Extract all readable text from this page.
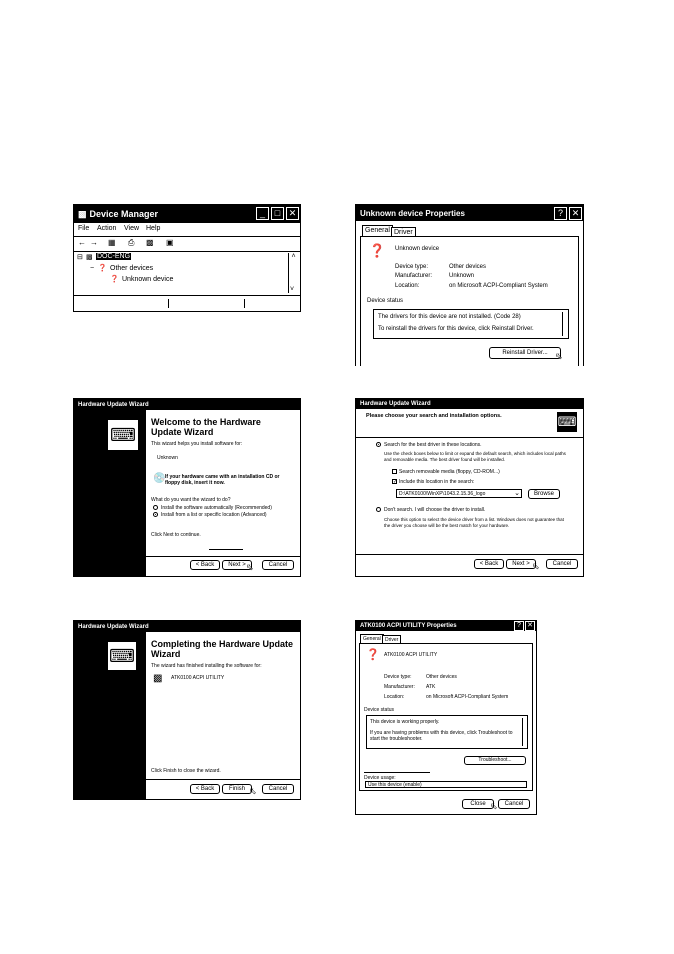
▩ Device Manager	_	□ ✕
File Action View Help
← → ▦ ⎙ ▩ ▣
⊟ ▩ DOC-ENG
− ❓ Other devices
❓ Unknown device
˄
˅
Unknown device Properties	? ✕
General Driver
❓ Unknown device
Device type:	Other devices
Manufacturer:	Unknown
Location:	on Microsoft ACPI-Compliant System
Device status
The drivers for this device are not installed. (Code 28)
To reinstall the drivers for this device, click Reinstall Driver.
Reinstall Driver... ⬁
Hardware Update Wizard
⌨
Welcome to the Hardware Update Wizard
This wizard helps you install software for:
Unknown
💿 If your hardware came with an installation CD or floppy disk, insert it now.
What do you want the wizard to do?
Install the software automatically (Recommended)
Install from a list or specific location (Advanced)
Click Next to continue.
< Back	Next > ⬁	Cancel
Hardware Update Wizard
Please choose your search and installation options.	⌨
Search for the best driver in these locations.
Use the check boxes below to limit or expand the default search, which includes local paths and removable media. The best driver found will be installed.
Search removable media (floppy, CD-ROM...)
✓ Include this location in the search:
D:\ATK0100\WinXP\1043.2.15.36_logo	⌄	Browse
Don't search. I will choose the driver to install.
Choose this option to select the device driver from a list. Windows does not guarantee that the driver you choose will be the best match for your hardware.
< Back	Next > ⬁	Cancel
Hardware Update Wizard
⌨
Completing the Hardware Update Wizard
The wizard has finished installing the software for:
▩ ATK0100 ACPI UTILITY
Click Finish to close the wizard.
< Back	Finish ⬁	Cancel
ATK0100 ACPI UTILITY Properties	? ✕
General Driver
❓ ATK0100 ACPI UTILITY
Device type:	Other devices
Manufacturer: ATK
Location:	on Microsoft ACPI-Compliant System
Device status
This device is working properly.
If you are having problems with this device, click Troubleshoot to start the troubleshooter.
Troubleshoot...
Device usage:
Use this device (enable)
Close ⬁	Cancel
